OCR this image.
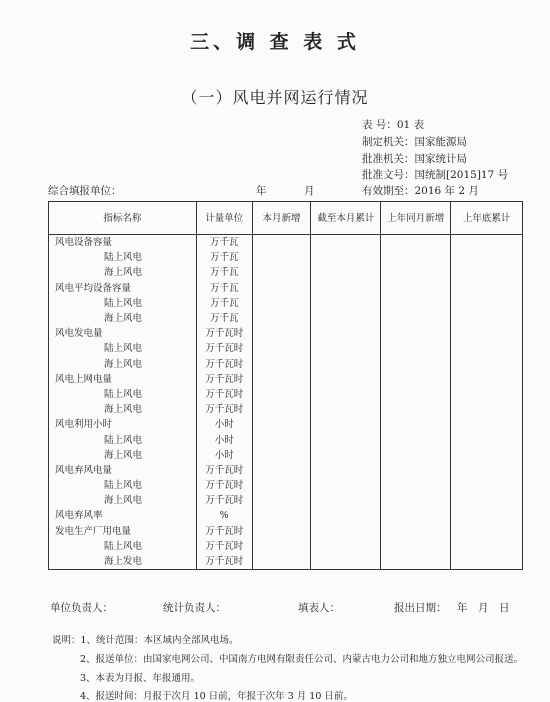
三、调 查 表 式
（一）风电并网运行情况
表 号：01 表
制定机关：国家能源局
批准机关：国家统计局
批准文号：国统制[2015]17 号
综合填报单位：	年	月	有效期至：2016 年 2 月
指标名称	计量单位	本月新增	截至本月累计	上年同月新增	上年底累计
风电设备容量	万千瓦				
陆上风电	万千瓦				
海上风电	万千瓦				
风电平均设备容量	万千瓦				
陆上风电	万千瓦				
海上风电	万千瓦				
风电发电量	万千瓦时				
陆上风电	万千瓦时				
海上风电	万千瓦时				
风电上网电量	万千瓦时				
陆上风电	万千瓦时				
海上风电	万千瓦时				
风电利用小时	小时				
陆上风电	小时				
海上风电	小时				
风电弃风电量	万千瓦时				
陆上风电	万千瓦时				
海上风电	万千瓦时				
风电弃风率	%				
发电生产厂用电量	万千瓦时				
陆上风电	万千瓦时				
海上发电	万千瓦时				
单位负责人：	统计负责人：	填表人：	报出日期： 年 月 日
说明：1、统计范围：本区域内全部风电场。
2、报送单位：由国家电网公司、中国南方电网有限责任公司、内蒙古电力公司和地方独立电网公司报送。
3、本表为月报、年报通用。
4、报送时间：月报于次月 10 日前，年报于次年 3 月 10 日前。
